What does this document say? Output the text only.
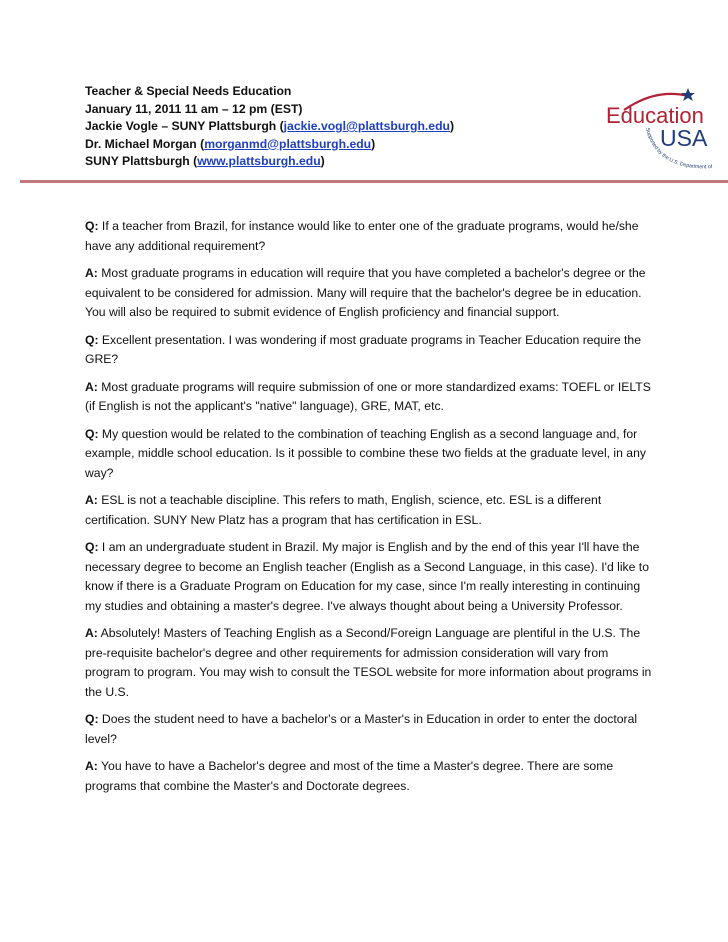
Teacher & Special Needs Education
January 11, 2011 11 am – 12 pm (EST)
Jackie Vogle – SUNY Plattsburgh (jackie.vogl@plattsburgh.edu)
Dr. Michael Morgan (morganmd@plattsburgh.edu)
SUNY Plattsburgh (www.plattsburgh.edu)
Education
USA
Supported by the U.S. Department of

Q: If a teacher from Brazil, for instance would like to enter one of the graduate programs, would he/she have any additional requirement?

A: Most graduate programs in education will require that you have completed a bachelor's degree or the equivalent to be considered for admission. Many will require that the bachelor's degree be in education. You will also be required to submit evidence of English proficiency and financial support.

Q: Excellent presentation. I was wondering if most graduate programs in Teacher Education require the GRE?

A: Most graduate programs will require submission of one or more standardized exams: TOEFL or IELTS (if English is not the applicant's "native" language), GRE, MAT, etc.

Q: My question would be related to the combination of teaching English as a second language and, for example, middle school education. Is it possible to combine these two fields at the graduate level, in any way?

A: ESL is not a teachable discipline. This refers to math, English, science, etc. ESL is a different certification. SUNY New Platz has a program that has certification in ESL.

Q: I am an undergraduate student in Brazil. My major is English and by the end of this year I'll have the necessary degree to become an English teacher (English as a Second Language, in this case). I'd like to know if there is a Graduate Program on Education for my case, since I'm really interesting in continuing my studies and obtaining a master's degree. I've always thought about being a University Professor.

A: Absolutely! Masters of Teaching English as a Second/Foreign Language are plentiful in the U.S. The pre-requisite bachelor's degree and other requirements for admission consideration will vary from program to program. You may wish to consult the TESOL website for more information about programs in the U.S.

Q: Does the student need to have a bachelor's or a Master's in Education in order to enter the doctoral level?

A: You have to have a Bachelor's degree and most of the time a Master's degree. There are some programs that combine the Master's and Doctorate degrees.
